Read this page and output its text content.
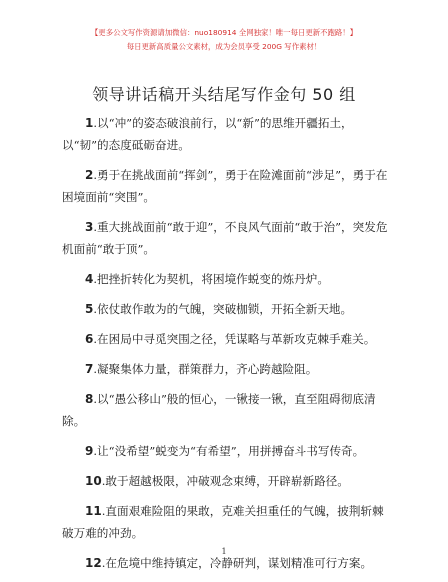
【更多公文写作资源请加微信：nuo180914 全网独家！唯一每日更新不跑路！】
每日更新高质量公文素材，成为会员享受 200G 写作素材！
领导讲话稿开头结尾写作金句 50 组

1.以“冲”的姿态破浪前行，以“新”的思维开疆拓土，以“韧”的态度砥砺奋进。

2.勇于在挑战面前“挥剑”，勇于在险滩面前“涉足”，勇于在困境面前“突围”。

3.重大挑战面前“敢于迎”，不良风气面前“敢于治”，突发危机面前“敢于顶”。

4.把挫折转化为契机，将困境作蜕变的炼丹炉。

5.依仗敢作敢为的气魄，突破枷锁，开拓全新天地。

6.在困局中寻觅突围之径，凭谋略与革新攻克棘手难关。

7.凝聚集体力量，群策群力，齐心跨越险阻。

8.以“愚公移山”般的恒心，一锹接一锹，直至阻碍彻底清除。

9.让“没希望”蜕变为“有希望”，用拼搏奋斗书写传奇。

10.敢于超越极限，冲破观念束缚，开辟崭新路径。

11.直面艰难险阻的果敢，克难关担重任的气魄，披荆斩棘破万难的冲劲。

12.在危境中维持镇定，冷静研判，谋划精准可行方案。

1
